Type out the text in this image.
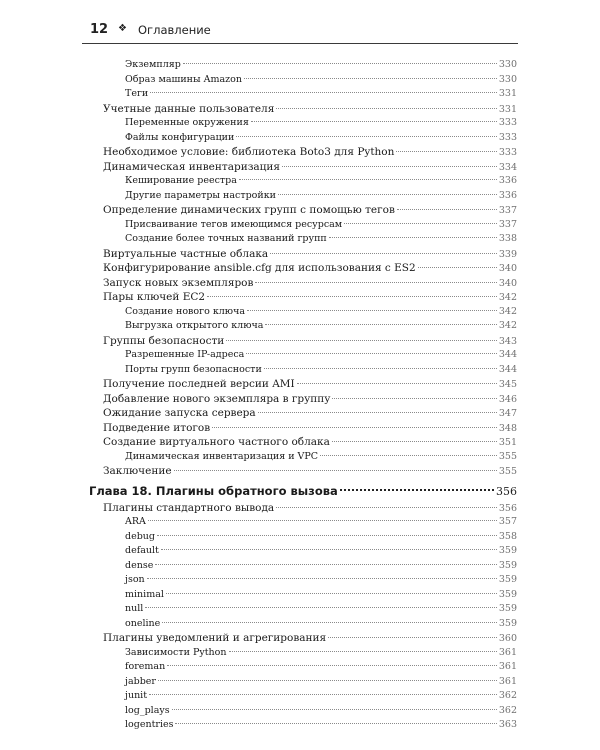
12 ❖ Оглавление
Экземпляр	330
Образ машины Amazon	330
Теги	331
Учетные данные пользователя	331
Переменные окружения	333
Файлы конфигурации	333
Необходимое условие: библиотека Boto3 для Python	333
Динамическая инвентаризация	334
Кеширование реестра	336
Другие параметры настройки	336
Определение динамических групп с помощью тегов	337
Присваивание тегов имеющимся ресурсам	337
Создание более точных названий групп	338
Виртуальные частные облака	339
Конфигурирование ansible.cfg для использования с ES2	340
Запуск новых экземпляров	340
Пары ключей EC2	342
Создание нового ключа	342
Выгрузка открытого ключа	342
Группы безопасности	343
Разрешенные IP-адреса	344
Порты групп безопасности	344
Получение последней версии AMI	345
Добавление нового экземпляра в группу	346
Ожидание запуска сервера	347
Подведение итогов	348
Создание виртуального частного облака	351
Динамическая инвентаризация и VPC	355
Заключение	355
Глава 18. Плагины обратного вызова	356
Плагины стандартного вывода	356
ARA	357
debug	358
default	359
dense	359
json	359
minimal	359
null	359
oneline	359
Плагины уведомлений и агрегирования	360
Зависимости Python	361
foreman	361
jabber	361
junit	362
log_plays	362
logentries	363
